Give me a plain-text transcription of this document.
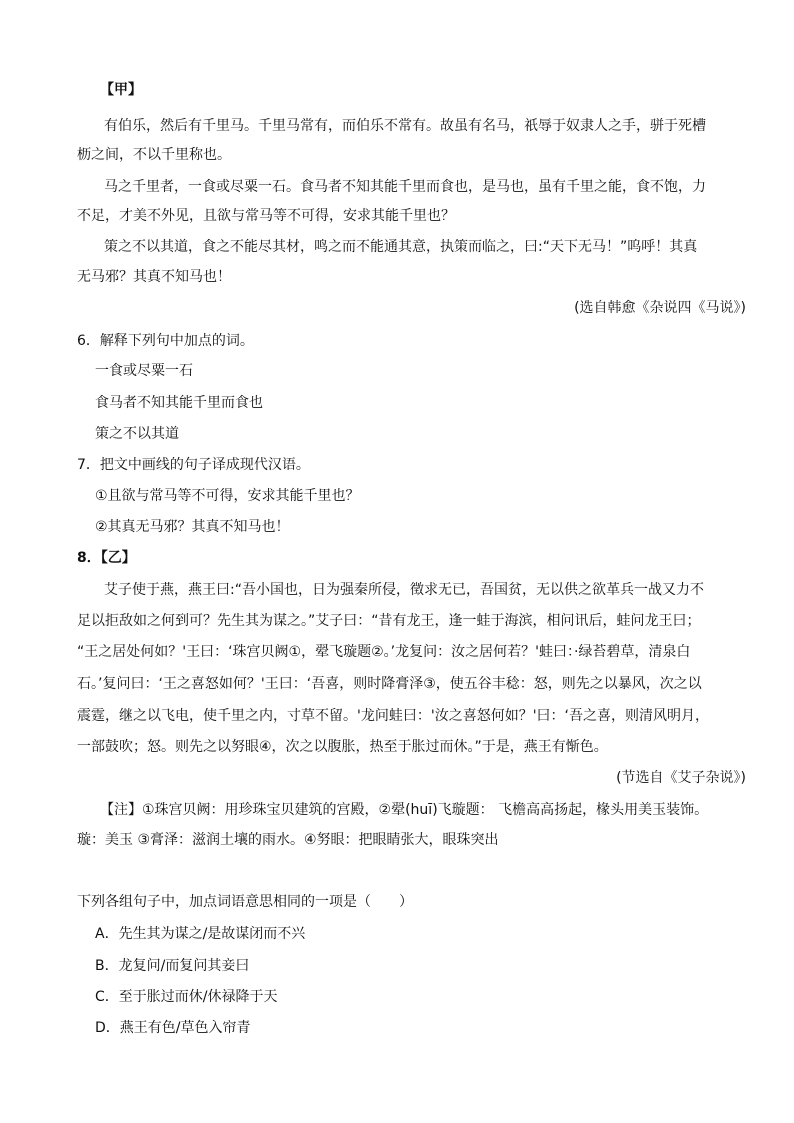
【甲】
有伯乐，然后有千里马。千里马常有，而伯乐不常有。故虽有名马，祇辱于奴隶人之手，骈于死槽
枥之间，不以千里称也。
马之千里者，一食或尽粟一石。食马者不知其能千里而食也，是马也，虽有千里之能，食不饱，力
不足，才美不外见，且欲与常马等不可得，安求其能千里也？
策之不以其道，食之不能尽其材，鸣之而不能通其意，执策而临之，曰:“天下无马！”呜呼！其真
无马邪？其真不知马也！
(选自韩愈《杂说四《马说》)
6．解释下列句中加点的词。
一食或尽粟一石
食马者不知其能千里而食也
策之不以其道
7．把文中画线的句子译成现代汉语。
①且欲与常马等不可得，安求其能千里也？
②其真无马邪？其真不知马也！
8．【乙】
艾子使于燕，燕王曰:“吾小国也，日为强秦所侵，徵求无已，吾国贫，无以供之欲革兵一战又力不
足以拒敌如之何到可？先生其为谋之。”艾子曰：“昔有龙王，逢一蛙于海滨，相问讯后，蛙问龙王曰；
“王之居处何如？'王曰：‘珠宫贝阙①，翚飞璇题②。’龙复问：汝之居何若？'蛙曰：·绿苔碧草，清泉白
石。’复问曰：‘王之喜怒如何？'王曰：‘吾喜，则时降膏泽③，使五谷丰稔：怒，则先之以暴风，次之以
震霆，继之以飞电，使千里之内，寸草不留。'龙问蛙曰：'汝之喜怒何如？'曰：‘吾之喜，则清风明月，
一部鼓吹；怒。则先之以努眼④，次之以腹胀，热至于胀过而休。”于是，燕王有惭色。
(节选自《艾子杂说》)
【注】①珠宫贝阙：用珍珠宝贝建筑的宫殿，②翚(huī)飞璇题： 飞檐高高扬起，椽头用美玉装饰。
璇：美玉 ③膏泽：滋润土壤的雨水。④努眼：把眼睛张大，眼珠突出
下列各组句子中，加点词语意思相同的一项是（　　）
A．先生其为谋之/是故谋闭而不兴
B．龙复问/而复问其妾曰
C．至于胀过而休/休禄降于天
D．燕王有色/草色入帘青
